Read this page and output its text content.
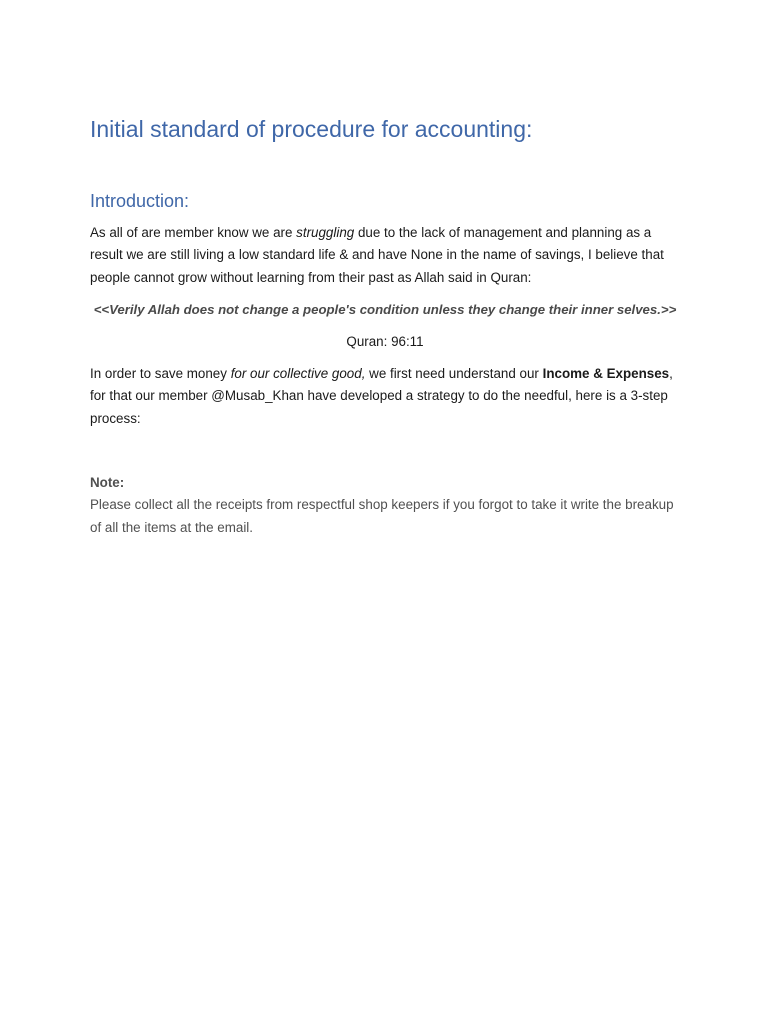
Initial standard of procedure for accounting:
Introduction:

As all of are member know we are struggling due to the lack of management and planning as a result we are still living a low standard life & and have None in the name of savings, I believe that people cannot grow without learning from their past as Allah said in Quran:

<<Verily Allah does not change a people's condition unless they change their inner selves.>>

Quran: 96:11

In order to save money for our collective good, we first need understand our Income & Expenses, for that our member @Musab_Khan have developed a strategy to do the needful, here is a 3-step process:

Note:

Please collect all the receipts from respectful shop keepers if you forgot to take it write the breakup of all the items at the email.
